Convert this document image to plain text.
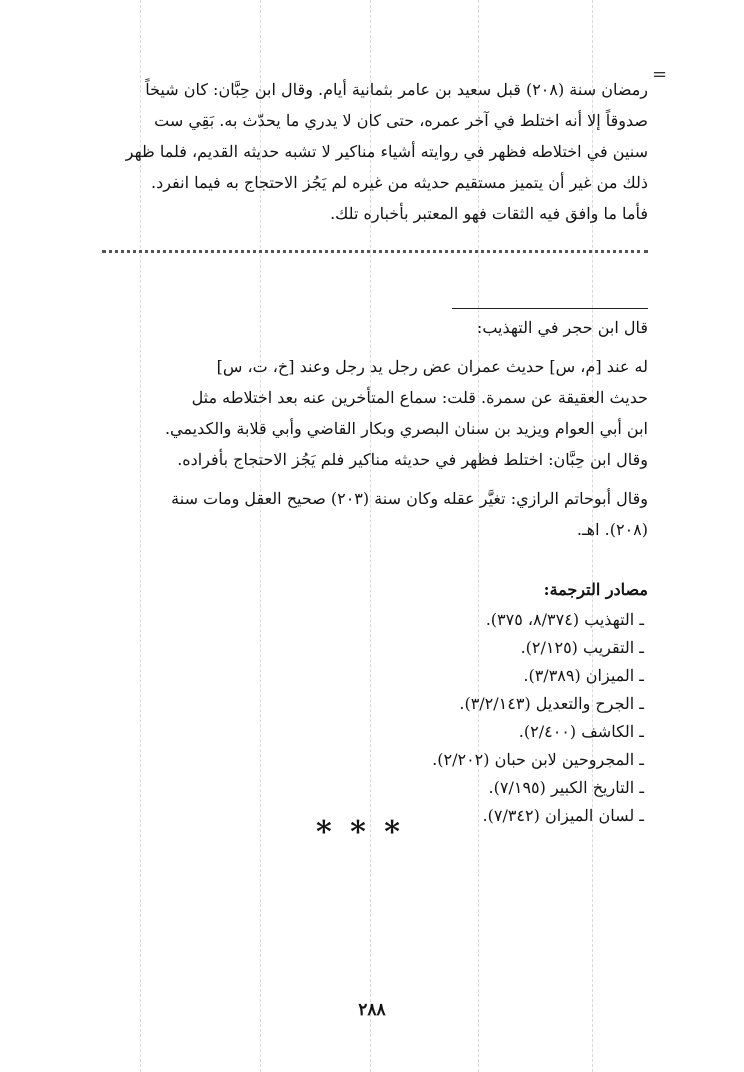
=

رمضان سنة (٢٠٨) قبل سعيد بن عامر بثمانية أيام. وقال ابن حِبَّان: كان شيخاً

صدوقاً إلا أنه اختلط في آخر عمره، حتى كان لا يدري ما يحدّث به. بَقِي ست

سنين في اختلاطه فظهر في روايته أشياء مناكير لا تشبه حديثه القديم، فلما ظهر

ذلك من غير أن يتميز مستقيم حديثه من غيره لم يَجُز الاحتجاج به فيما انفرد.

فأما ما وافق فيه الثقات فهو المعتبر بأخباره تلك.

قال ابن حجر في التهذيب:

له عند [م، س] حديث عمران عض رجل يد رجل وعند [خ، ت، س]

حديث العقيقة عن سمرة. قلت: سماع المتأخرين عنه بعد اختلاطه مثل

ابن أبي العوام ويزيد بن سنان البصري وبكار القاضي وأبي قلابة والكديمي.

وقال ابن حِبَّان: اختلط فظهر في حديثه مناكير فلم يَجُز الاحتجاج بأفراده.

وقال أبوحاتم الرازي: تغيَّر عقله وكان سنة (٢٠٣) صحيح العقل ومات سنة

(٢٠٨). اهـ.

مصادر الترجمة:
ـ التهذيب (٨/٣٧٤، ٣٧٥).
ـ التقريب (٢/١٢٥).
ـ الميزان (٣/٣٨٩).
ـ الجرح والتعديل (٣/٢/١٤٣).
ـ الكاشف (٢/٤٠٠).
ـ المجروحين لابن حبان (٢/٢٠٢).
ـ التاريخ الكبير (٧/١٩٥).
ـ لسان الميزان (٧/٣٤٢).
* * *
٢٨٨
